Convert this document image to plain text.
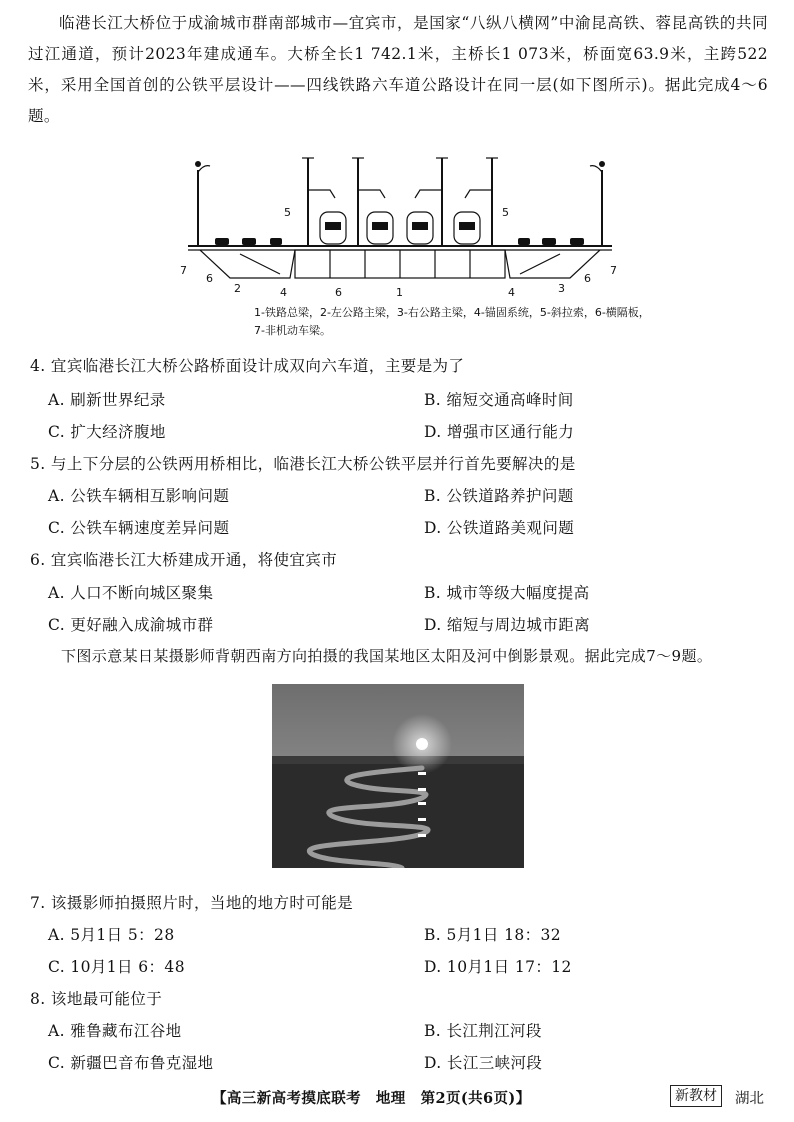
临港长江大桥位于成渝城市群南部城市—宜宾市，是国家“八纵八横网”中渝昆高铁、蓉昆高铁的共同过江通道，预计2023年建成通车。大桥全长1 742.1米，主桥长1 073米，桥面宽63.9米，主跨522米，采用全国首创的公铁平层设计——四线铁路六车道公路设计在同一层(如下图所示)。据此完成4～6题。
5	5
7
6
2	4	6	1	4	3
6
7
1-铁路总梁，2-左公路主梁，3-右公路主梁，4-锚固系统，5-斜拉索，6-横隔板，
7-非机动车梁。
4. 宜宾临港长江大桥公路桥面设计成双向六车道，主要是为了
A. 刷新世界纪录	B. 缩短交通高峰时间
C. 扩大经济腹地	D. 增强市区通行能力
5. 与上下分层的公铁两用桥相比，临港长江大桥公铁平层并行首先要解决的是
A. 公铁车辆相互影响问题	B. 公铁道路养护问题
C. 公铁车辆速度差异问题	D. 公铁道路美观问题
6. 宜宾临港长江大桥建成开通，将使宜宾市
A. 人口不断向城区聚集	B. 城市等级大幅度提高
C. 更好融入成渝城市群	D. 缩短与周边城市距离
下图示意某日某摄影师背朝西南方向拍摄的我国某地区太阳及河中倒影景观。据此完成7～9题。
7. 该摄影师拍摄照片时，当地的地方时可能是
A. 5月1日 5：28	B. 5月1日 18：32
C. 10月1日 6：48	D. 10月1日 17：12
8. 该地最可能位于
A. 雅鲁藏布江谷地	B. 长江荆江河段
C. 新疆巴音布鲁克湿地	D. 长江三峡河段
【高三新高考摸底联考　地理　第2页(共6页)】	新教材	湖北
